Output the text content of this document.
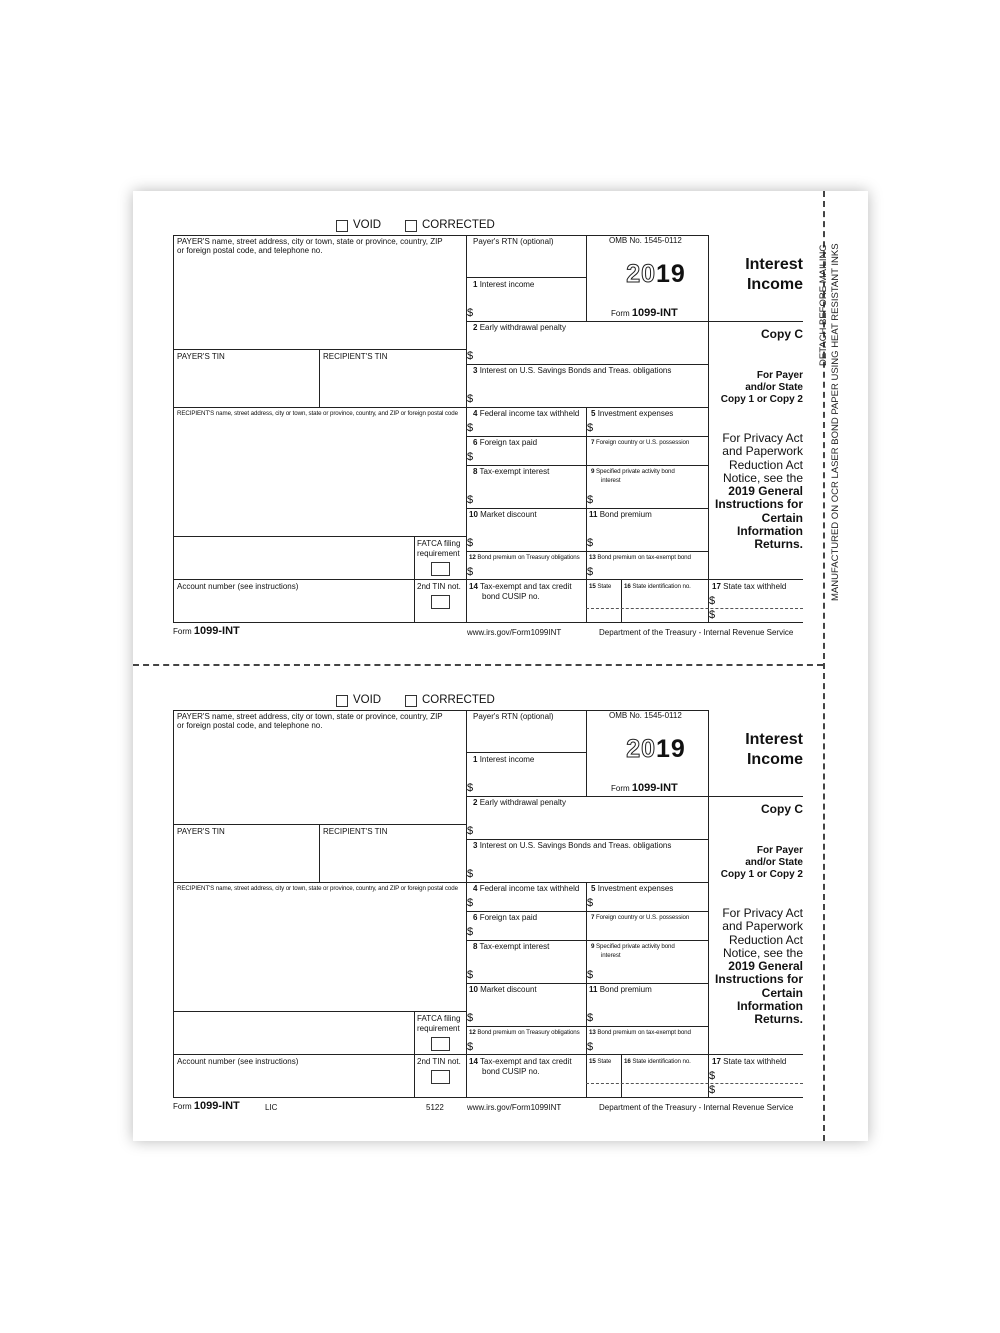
VOID	CORRECTED
PAYER'S name, street address, city or town, state or province, country, ZIP
or foreign postal code, and telephone no.
PAYER'S TIN	RECIPIENT'S TIN
RECIPIENT'S name, street address, city or town, state or province, country, and ZIP or foreign postal code
FATCA filing
requirement
Account number (see instructions)	2nd TIN not.
Payer's RTN (optional)	OMB No. 1545-0112
2019
Form 1099-INT
1 Interest income
$
2 Early withdrawal penalty
$
3 Interest on U.S. Savings Bonds and Treas. obligations
$
4 Federal income tax withheld
$
5 Investment expenses
$
6 Foreign tax paid
$
7 Foreign country or U.S. possession
8 Tax-exempt interest
$
9 Specified private activity bond
interest
$
10 Market discount
$
11 Bond premium
$
12 Bond premium on Treasury obligations
$
13 Bond premium on tax-exempt bond
$
14 Tax-exempt and tax credit
bond CUSIP no.
15 State 16 State identification no.	17 State tax withheld
$
$
Interest
Income
Copy C
For Payer
and/or State
Copy 1 or Copy 2
For Privacy Act
and Paperwork
Reduction Act
Notice, see the
2019 General
Instructions for
Certain
Information
Returns.
Form 1099-INT	www.irs.gov/Form1099INT	Department of the Treasury - Internal Revenue Service
VOID	CORRECTED
PAYER'S name, street address, city or town, state or province, country, ZIP
or foreign postal code, and telephone no.
PAYER'S TIN	RECIPIENT'S TIN
RECIPIENT'S name, street address, city or town, state or province, country, and ZIP or foreign postal code
FATCA filing
requirement
Account number (see instructions)	2nd TIN not.
Payer's RTN (optional)	OMB No. 1545-0112
2019
Form 1099-INT
1 Interest income
$
2 Early withdrawal penalty
$
3 Interest on U.S. Savings Bonds and Treas. obligations
$
4 Federal income tax withheld
$
5 Investment expenses
$
6 Foreign tax paid
$
7 Foreign country or U.S. possession
8 Tax-exempt interest
$
9 Specified private activity bond
interest
$
10 Market discount
$
11 Bond premium
$
12 Bond premium on Treasury obligations
$
13 Bond premium on tax-exempt bond
$
14 Tax-exempt and tax credit
bond CUSIP no.
15 State 16 State identification no.	17 State tax withheld
$
$
Interest
Income
Copy C
For Payer
and/or State
Copy 1 or Copy 2
For Privacy Act
and Paperwork
Reduction Act
Notice, see the
2019 General
Instructions for
Certain
Information
Returns.
Form 1099-INT	LIC	5122	www.irs.gov/Form1099INT	Department of the Treasury - Internal Revenue Service
DETACH BEFORE MAILING MANUFACTURED ON OCR LASER BOND PAPER USING HEAT RESISTANT INKS
